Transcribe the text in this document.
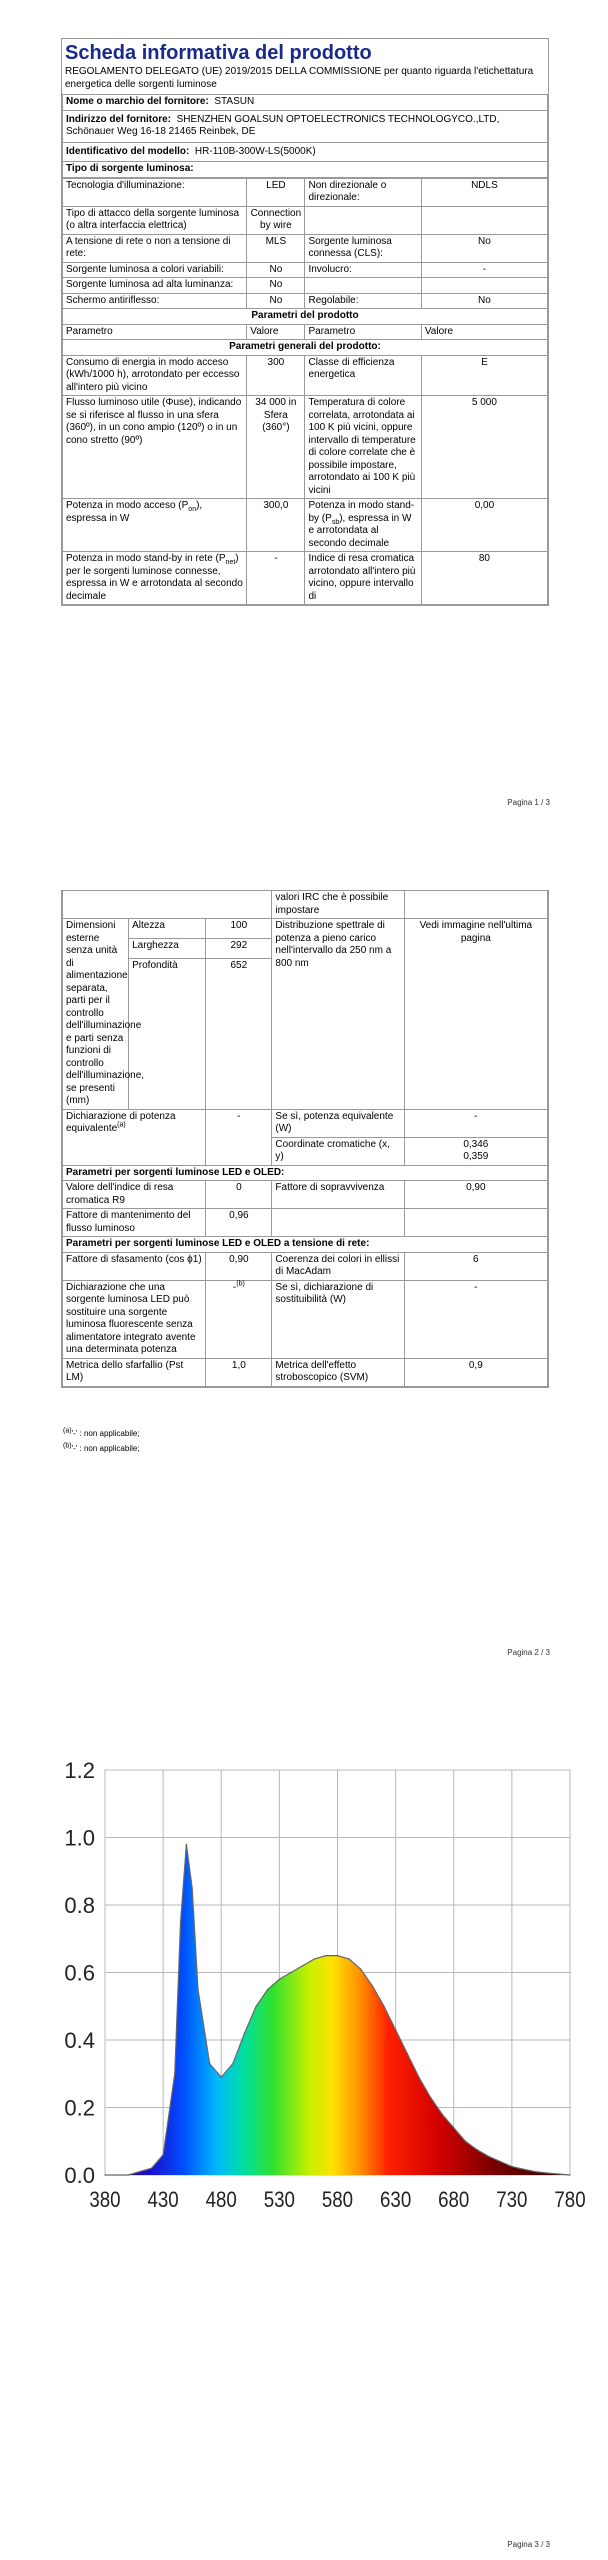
Scheda informativa del prodotto
REGOLAMENTO DELEGATO (UE) 2019/2015 DELLA COMMISSIONE per quanto riguarda l'etichettatura energetica delle sorgenti luminose
Nome o marchio del fornitore: STASUN
Indirizzo del fornitore: SHENZHEN GOALSUN OPTOELECTRONICS TECHNOLOGYCO.,LTD, Schönauer Weg 16-18 21465 Reinbek, DE
Identificativo del modello: HR-110B-300W-LS(5000K)
Tipo di sorgente luminosa:
Tecnologia d'illuminazione:	LED	Non direzionale o direzionale:	NDLS
Tipo di attacco della sorgente luminosa
(o altra interfaccia elettrica)	Connection by wire		
A tensione di rete o non a tensione di rete:	MLS	Sorgente luminosa connessa (CLS):	No
Sorgente luminosa a colori variabili:	No	Involucro:	-
Sorgente luminosa ad alta luminanza:	No		
Schermo antiriflesso:	No	Regolabile:	No
Parametri del prodotto			
Parametro	Valore	Parametro	Valore
Parametri generali del prodotto:			
Consumo di energia in modo acceso (kWh/1000 h), arrotondato per eccesso all'intero più vicino	300	Classe di efficienza energetica	E
Flusso luminoso utile (Φuse), indicando se si riferisce al flusso in una sfera (360º), in un cono ampio (120º) o in un cono stretto (90º)	34 000 in Sfera (360°)	Temperatura di colore correlata, arrotondata ai 100 K più vicini, oppure intervallo di temperature di colore correlate che è possibile impostare, arrotondato ai 100 K più vicini	5 000
Potenza in modo acceso $(P_{on})$, espressa in W	300,0	Potenza in modo stand-by $(P_{sb})$, espressa in W e arrotondata al secondo decimale	0,00
Potenza in modo stand-by in rete $(P_{net})$ per le sorgenti luminose connesse, espressa in W e arrotondata al secondo decimale	-	Indice di resa cromatica arrotondato all'intero più vicino, oppure intervallo di	80
Pagina 1 / 3
			valori IRC che è possibile impostare	
Dimensioni esterne senza unità di alimentazione separata, parti per il controllo dell'illuminazione e parti senza funzioni di controllo dell'illuminazione, se presenti (mm)	Altezza	100	Distribuzione spettrale di potenza a pieno carico nell'intervallo da 250 nm a 800 nm	Vedi immagine nell'ultima pagina
	Larghezza	292		
	Profondità	652		
Dichiarazione di potenza equivalente$^{(a)}$		-	Se sì, potenza equivalente (W)	-
			Coordinate cromatiche (x, y)	0,346
0,359

Parametri per sorgenti luminose LED e OLED:				
Valore dell'indice di resa cromatica R9		0	Fattore di sopravvivenza	0,90
Fattore di mantenimento del flusso luminoso		0,96		
Parametri per sorgenti luminose LED e OLED a tensione di rete:				
Fattore di sfasamento (cos ϕ1)		0,90	Coerenza dei colori in ellissi di MacAdam	6
Dichiarazione che una sorgente luminosa LED può sostituire una sorgente luminosa fluorescente senza alimentatore integrato avente una determinata potenza		-$^{(b)}$	Se sì, dichiarazione di sostituibilità (W)	-
Metrica dello sfarfallio (Pst LM)		1,0	Metrica dell'effetto stroboscopico (SVM)	0,9
$^{(a)}$'-' : non applicabile;
$^{(b)}$'-' : non applicabile;
Pagina 2 / 3
380 430 480 530 580 630 680 730 780
0.0
0.2
0.4
0.6
0.8
1.0
1.2
Pagina 3 / 3
